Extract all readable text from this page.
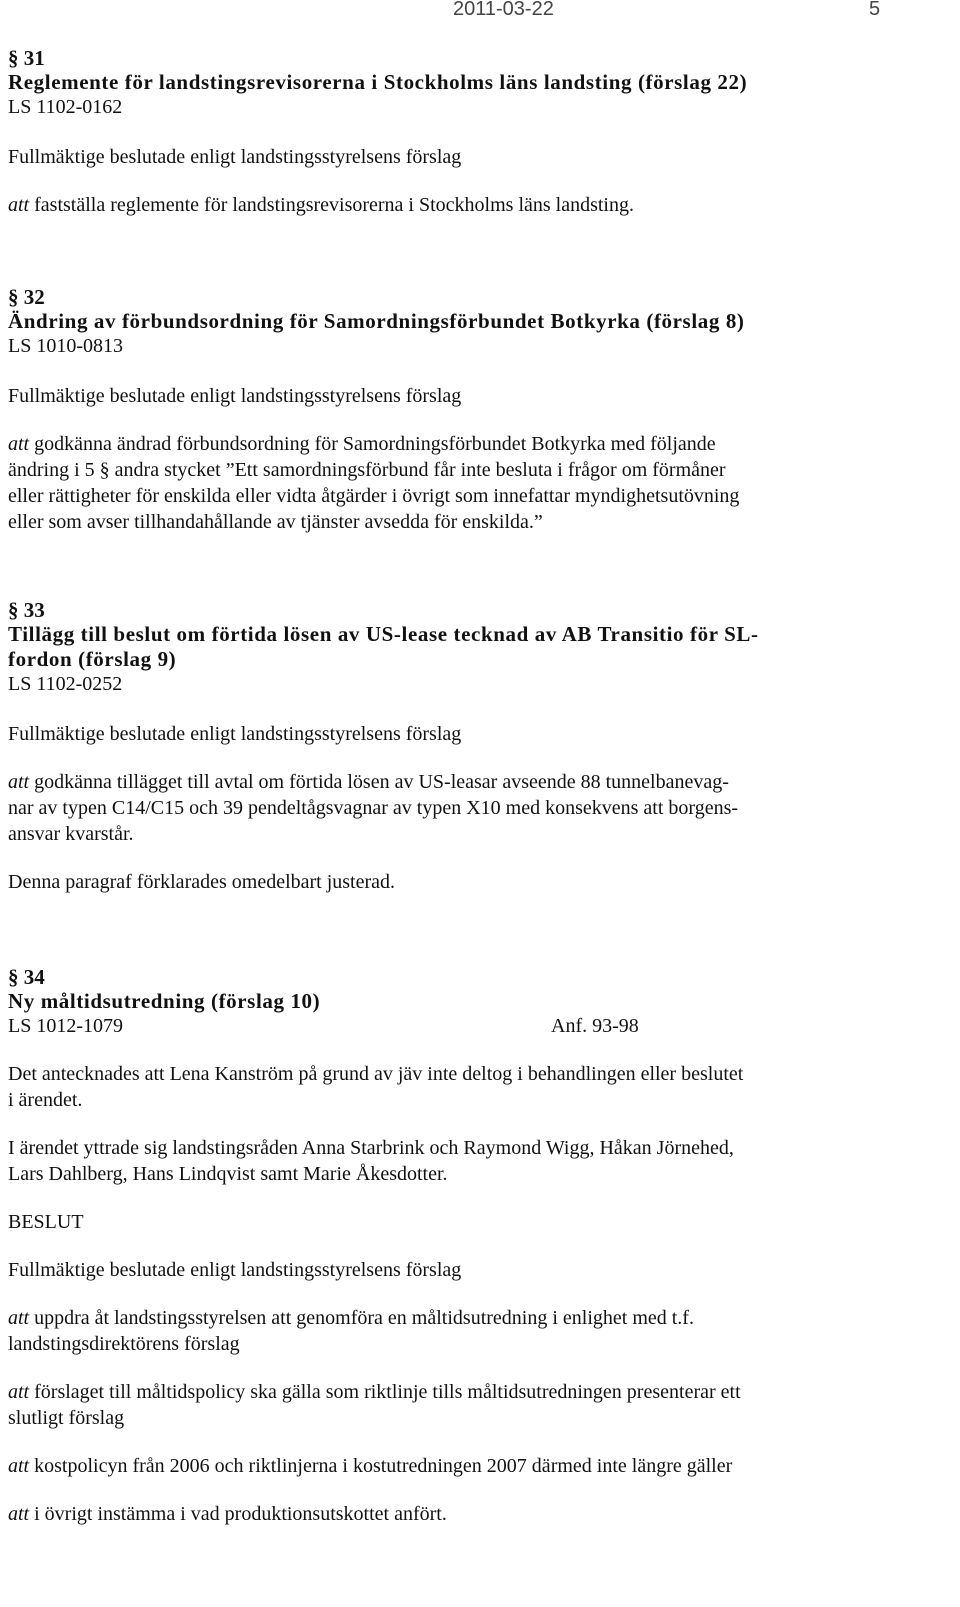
2011-03-22	5

§ 31

Reglemente för landstingsrevisorerna i Stockholms läns landsting (förslag 22)

LS 1102-0162

Fullmäktige beslutade enligt landstingsstyrelsens förslag

att fastställa reglemente för landstingsrevisorerna i Stockholms läns landsting.

§ 32

Ändring av förbundsordning för Samordningsförbundet Botkyrka (förslag 8)

LS 1010-0813

Fullmäktige beslutade enligt landstingsstyrelsens förslag

att godkänna ändrad förbundsordning för Samordningsförbundet Botkyrka med följande

ändring i 5 § andra stycket ”Ett samordningsförbund får inte besluta i frågor om förmåner

eller rättigheter för enskilda eller vidta åtgärder i övrigt som innefattar myndighetsutövning

eller som avser tillhandahållande av tjänster avsedda för enskilda.”

§ 33

Tillägg till beslut om förtida lösen av US-lease tecknad av AB Transitio för SL-

fordon (förslag 9)

LS 1102-0252

Fullmäktige beslutade enligt landstingsstyrelsens förslag

att godkänna tillägget till avtal om förtida lösen av US-leasar avseende 88 tunnelbanevag-

nar av typen C14/C15 och 39 pendeltågsvagnar av typen X10 med konsekvens att borgens-

ansvar kvarstår.

Denna paragraf förklarades omedelbart justerad.

§ 34

Ny måltidsutredning (förslag 10)

LS 1012-1079	Anf. 93-98

Det antecknades att Lena Kanström på grund av jäv inte deltog i behandlingen eller beslutet

i ärendet.

I ärendet yttrade sig landstingsråden Anna Starbrink och Raymond Wigg, Håkan Jörnehed,

Lars Dahlberg, Hans Lindqvist samt Marie Åkesdotter.

BESLUT

Fullmäktige beslutade enligt landstingsstyrelsens förslag

att uppdra åt landstingsstyrelsen att genomföra en måltidsutredning i enlighet med t.f.

landstingsdirektörens förslag

att förslaget till måltidspolicy ska gälla som riktlinje tills måltidsutredningen presenterar ett

slutligt förslag

att kostpolicyn från 2006 och riktlinjerna i kostutredningen 2007 därmed inte längre gäller

att i övrigt instämma i vad produktionsutskottet anfört.
